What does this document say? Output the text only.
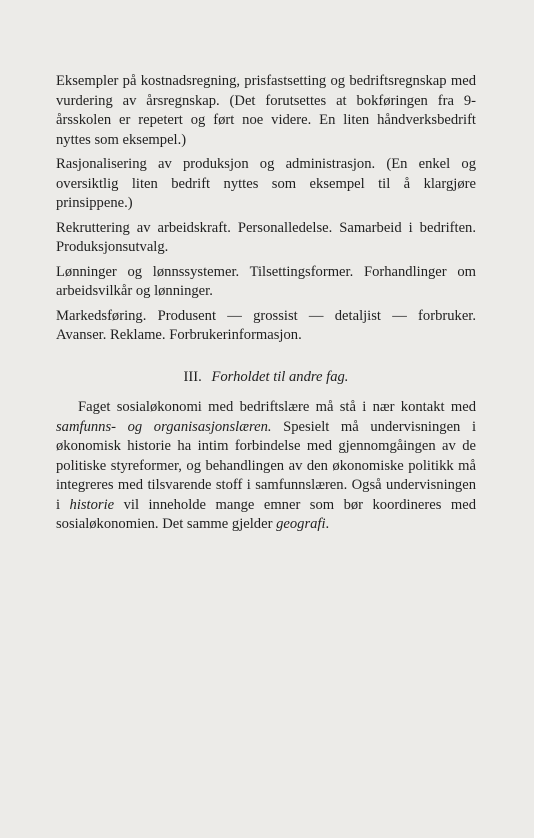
Eksempler på kostnadsregning, prisfastsetting og bedriftsregnskap med vurdering av årsregnskap. (Det forutsettes at bokføringen fra 9-årsskolen er repetert og ført noe videre. En liten håndverksbedrift nyttes som eksempel.)

Rasjonalisering av produksjon og administrasjon. (En enkel og oversiktlig liten bedrift nyttes som eksempel til å klargjøre prinsippene.)

Rekruttering av arbeidskraft. Personalledelse. Samarbeid i bedriften. Produksjonsutvalg.

Lønninger og lønnssystemer. Tilsettingsformer. Forhandlinger om arbeidsvilkår og lønninger.

Markedsføring. Produsent — grossist — detaljist — forbruker. Avanser. Reklame. Forbrukerinformasjon.

III. Forholdet til andre fag.

Faget sosialøkonomi med bedriftslære må stå i nær kontakt med samfunns- og organisasjonslæren. Spesielt må undervisningen i økonomisk historie ha intim forbindelse med gjennomgåingen av de politiske styreformer, og behandlingen av den økonomiske politikk må integreres med tilsvarende stoff i samfunnslæren. Også undervisningen i historie vil inneholde mange emner som bør koordineres med sosialøkonomien. Det samme gjelder geografi.
